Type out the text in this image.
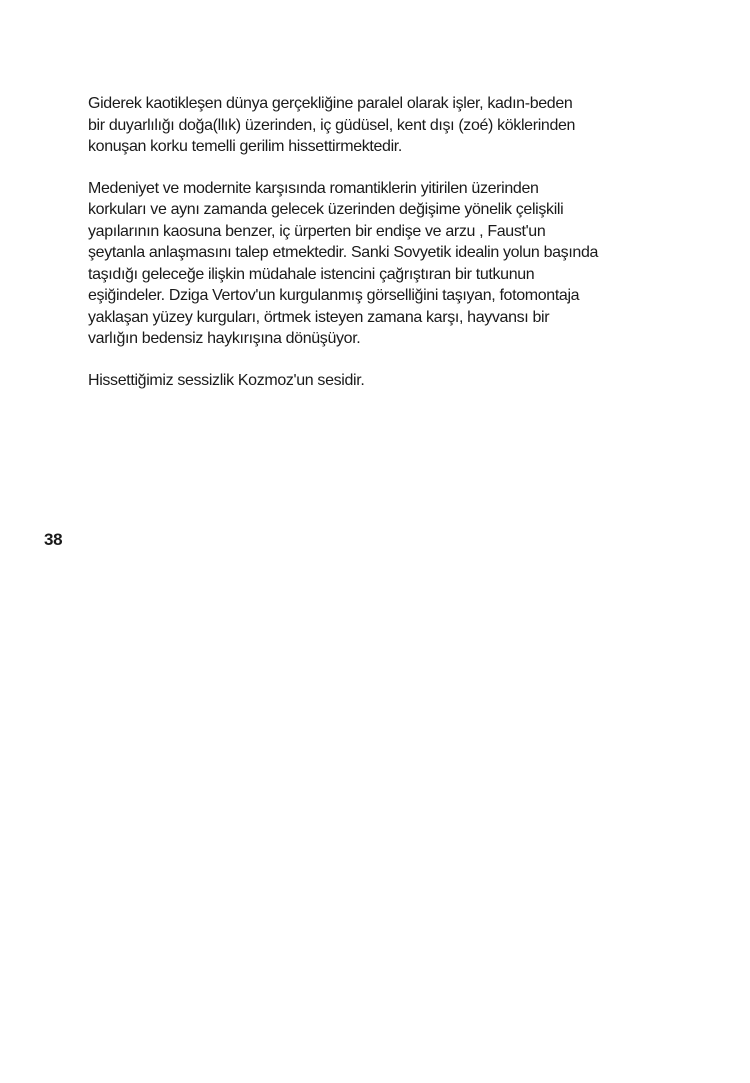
Giderek kaotikleşen dünya gerçekliğine paralel olarak işler, kadın-beden
bir duyarlılığı doğa(llık) üzerinden, iç güdüsel, kent dışı (zoé) köklerinden
konuşan korku temelli gerilim hissettirmektedir.

Medeniyet ve modernite karşısında romantiklerin yitirilen üzerinden
korkuları ve aynı zamanda gelecek üzerinden değişime yönelik çelişkili
yapılarının kaosuna benzer, iç ürperten bir endişe ve arzu , Faust'un
şeytanla anlaşmasını talep etmektedir. Sanki Sovyetik idealin yolun başında
taşıdığı geleceğe ilişkin müdahale istencini çağrıştıran bir tutkunun
eşiğindeler. Dziga Vertov'un kurgulanmış görselliğini taşıyan, fotomontaja
yaklaşan yüzey kurguları, örtmek isteyen zamana karşı, hayvansı bir
varlığın bedensiz haykırışına dönüşüyor.

Hissettiğimiz sessizlik Kozmoz'un sesidir.

38
